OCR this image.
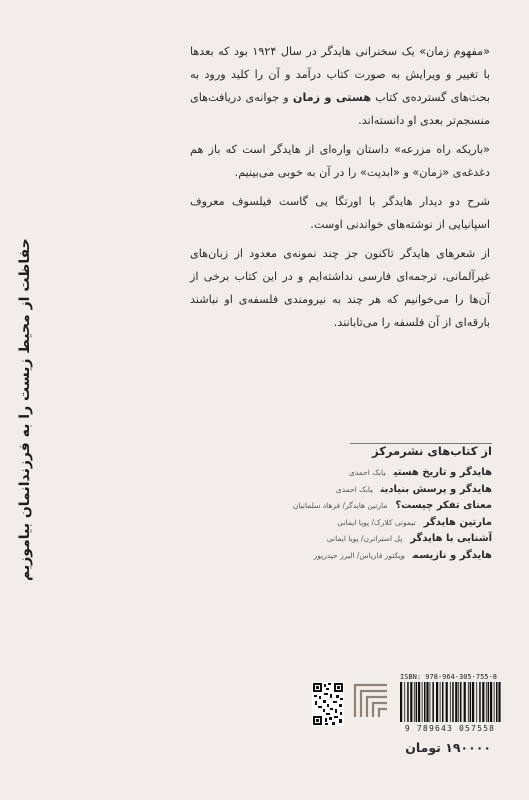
حفاظت از محیط زیست را به فرزندانمان بیاموزیم

«مفهوم زمان» یک سخنرانی هایدگر در سال ۱۹۲۴ بود که بعدها با تغییر و ویرایش به صورت کتاب درآمد و آن را کلید ورود به بحث‌های گسترده‌ی کتاب هستی و زمان و جوانه‌ی دریافت‌های منسجم‌تر بعدی او دانسته‌اند.

«باریکه راه مزرعه» داستان واره‌ای از هایدگر است که باز هم دغدغه‌ی «زمان» و «ابدیت» را در آن به خوبی می‌بینیم.

شرح دو دیدار هایدگر با اورتگا یی گاست فیلسوف معروف اسپانیایی از نوشته‌های خواندنی اوست.

از شعرهای هایدگر تاکنون جز چند نمونه‌ی معدود از زبان‌های غیرآلمانی، ترجمه‌ای فارسی نداشته‌ایم و در این کتاب برخی از آن‌ها را می‌خوانیم که هر چند به نیرومندی فلسفه‌ی او نباشند بارقه‌ای از آن فلسفه را می‌تابانند.

از کتاب‌های نشرمرکز
هایدگر و تاریخ هستیبابک احمدی
هایدگر و پرسش بنیادینبابک احمدی
معنای تفکر چیست؟مارتین هایدگر/ فرهاد سلمانیان
مارتین هایدگرتیموتی کلارک/ پویا ایمانی
آشنایی با هایدگرپل استراترن/ پویا ایمانی
هایدگر و نازیسمویکتور فاریاس/ البرز حیدرپور
ISBN: 978-964-305-755-8
9 789643 057558
۱۹۰۰۰۰ تومان
